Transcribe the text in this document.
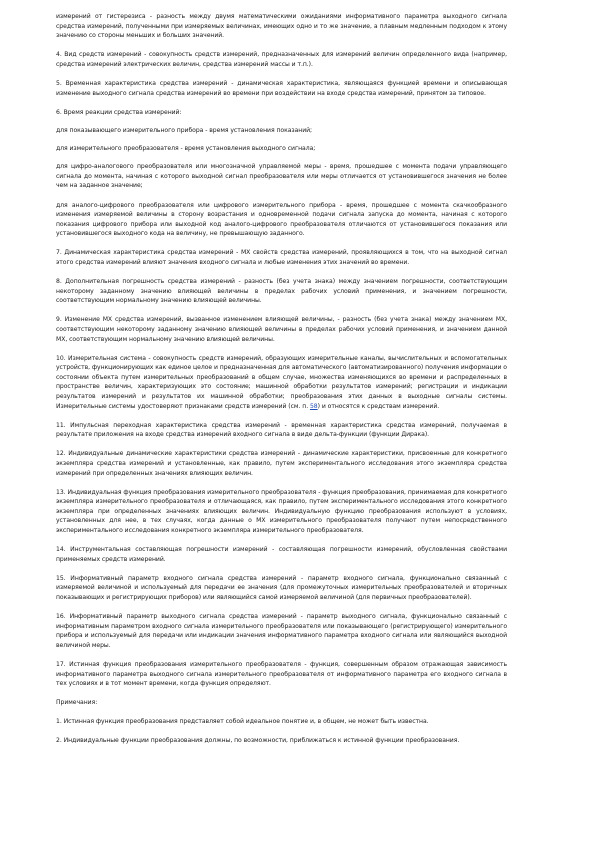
измерений от гистерезиса - разность между двумя математическими ожиданиями информативного параметра выходного сигнала средства измерений, полученными при измеряемых величинах, имеющих одно и то же значение, а плавным медленным подходом к этому значению со стороны меньших и больших значений.

4. Вид средств измерений - совокупность средств измерений, предназначенных для измерений величин определенного вида (например, средства измерений электрических величин, средства измерений массы и т.п.).

5. Временная характеристика средства измерений - динамическая характеристика, являющаяся функцией времени и описывающая изменение выходного сигнала средства измерений во времени при воздействии на входе средства измерений, принятом за типовое.

6. Время реакции средства измерений:

для показывающего измерительного прибора - время установления показаний;

для измерительного преобразователя - время установления выходного сигнала;

для цифро-аналогового преобразователя или многозначной управляемой меры - время, прошедшее с момента подачи управляющего сигнала до момента, начиная с которого выходной сигнал преобразователя или меры отличается от установившегося значения не более чем на заданное значение;

для аналого-цифрового преобразователя или цифрового измерительного прибора - время, прошедшее с момента скачкообразного изменения измеряемой величины в сторону возрастания и одновременной подачи сигнала запуска до момента, начиная с которого показания цифрового прибора или выходной код аналого-цифрового преобразователя отличаются от установившегося показания или установившегося выходного кода на величину, не превышающую заданного.

7. Динамическая характеристика средства измерений - МХ свойств средства измерений, проявляющихся в том, что на выходной сигнал этого средства измерений влияют значения входного сигнала и любые изменения этих значений во времени.

8. Дополнительная погрешность средства измерений - разность (без учета знака) между значением погрешности, соответствующим некоторому заданному значению влияющей величины в пределах рабочих условий применения, и значением погрешности, соответствующим нормальному значению влияющей величины.

9. Изменение МХ средства измерений, вызванное изменением влияющей величины, - разность (без учета знака) между значением МХ, соответствующим некоторому заданному значению влияющей величины в пределах рабочих условий применения, и значением данной МХ, соответствующим нормальному значению влияющей величины.

10. Измерительная система - совокупность средств измерений, образующих измерительные каналы, вычислительных и вспомогательных устройств, функционирующих как единое целое и предназначенная для автоматического (автоматизированного) получения информации о состоянии объекта путем измерительных преобразований в общем случае, множества изменяющихся во времени и распределенных в пространстве величин, характеризующих это состояние; машинной обработки результатов измерений; регистрации и индикации результатов измерений и результатов их машинной обработки; преобразования этих данных в выходные сигналы системы. Измерительные системы удостоверяют признаками средств измерений (см. п. 58) и относятся к средствам измерений.

11. Импульсная переходная характеристика средства измерений - временная характеристика средства измерений, получаемая в результате приложения на входе средства измерений входного сигнала в виде дельта-функции (функции Дирака).

12. Индивидуальные динамические характеристики средства измерений - динамические характеристики, присвоенные для конкретного экземпляра средства измерений и установленные, как правило, путем экспериментального исследования этого экземпляра средства измерений при определенных значениях влияющих величин.

13. Индивидуальная функция преобразования измерительного преобразователя - функция преобразования, принимаемая для конкретного экземпляра измерительного преобразователя и отличающаяся, как правило, путем экспериментального исследования этого конкретного экземпляра при определенных значениях влияющих величин. Индивидуальную функцию преобразования используют в условиях, установленных для нее, в тех случаях, когда данные о МХ измерительного преобразователя получают путем непосредственного экспериментального исследования конкретного экземпляра измерительного преобразователя.

14. Инструментальная составляющая погрешности измерений - составляющая погрешности измерений, обусловленная свойствами применяемых средств измерений.

15. Информативный параметр входного сигнала средства измерений - параметр входного сигнала, функционально связанный с измеряемой величиной и используемый для передачи ее значения (для промежуточных измерительных преобразователей и вторичных показывающих и регистрирующих приборов) или являющийся самой измеряемой величиной (для первичных преобразователей).

16. Информативный параметр выходного сигнала средства измерений - параметр выходного сигнала, функционально связанный с информативным параметром входного сигнала измерительного преобразователя или показывающего (регистрирующего) измерительного прибора и используемый для передачи или индикации значения информативного параметра входного сигнала или являющийся выходной величиной меры.

17. Истинная функция преобразования измерительного преобразователя - функция, совершенным образом отражающая зависимость информативного параметра выходного сигнала измерительного преобразователя от информативного параметра его входного сигнала в тех условиях и в тот момент времени, когда функция определяют.

Примечания:

1. Истинная функция преобразования представляет собой идеальное понятие и, в общем, не может быть известна.

2. Индивидуальные функции преобразования должны, по возможности, приближаться к истинной функции преобразования.
